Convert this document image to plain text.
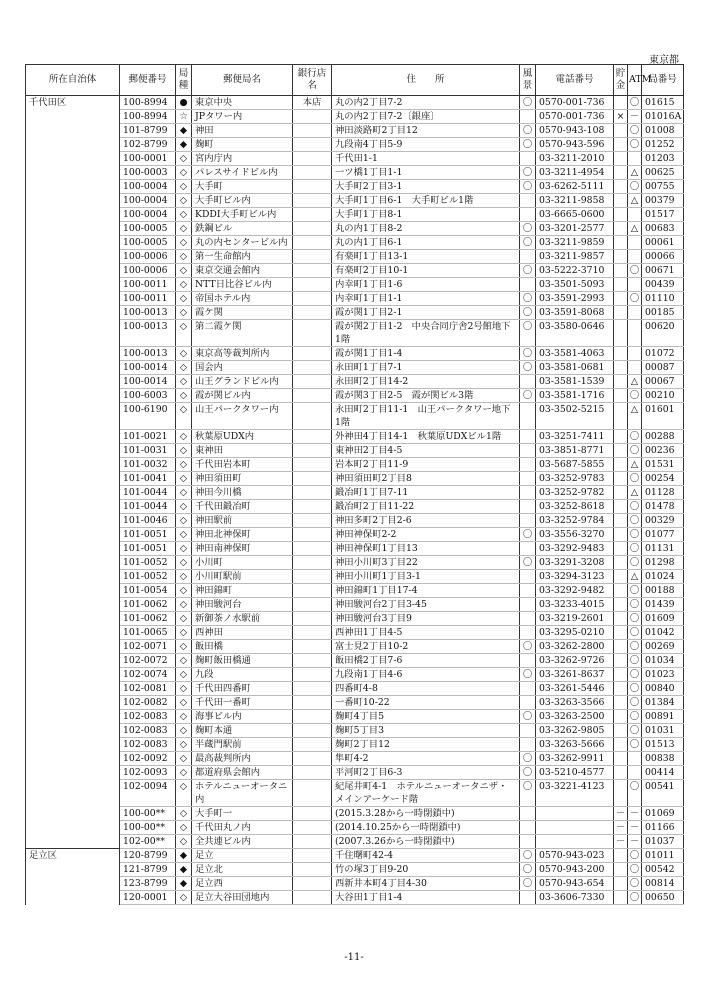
東京都
所在自治体	郵便番号	局種	郵便局名	銀行店名	住　　所	風景	電話番号	貯金	ATM	局番号
千代田区	100-8994	●	東京中央	本店	丸の内2丁目7-2	〇	0570-001-736		〇	01615
	100-8994	☆	JPタワー内		丸の内2丁目7-2〔銀座〕		0570-001-736	×	－	01016A
	101-8799	◆	神田		神田淡路町2丁目12	〇	0570-943-108		〇	01008
	102-8799	◆	麹町		九段南4丁目5-9	〇	0570-943-596		〇	01252
	100-0001	◇	宮内庁内		千代田1-1		03-3211-2010			01203
	100-0003	◇	パレスサイドビル内		一ツ橋1丁目1-1	〇	03-3211-4954		△	00625
	100-0004	◇	大手町		大手町2丁目3-1	〇	03-6262-5111		〇	00755
	100-0004	◇	大手町ビル内		大手町1丁目6-1　大手町ビル1階		03-3211-9858		△	00379
	100-0004	◇	KDDI大手町ビル内		大手町1丁目8-1		03-6665-0600			01517
	100-0005	◇	鉄鋼ビル		丸の内1丁目8-2	〇	03-3201-2577		△	00683
	100-0005	◇	丸の内センタービル内		丸の内1丁目6-1	〇	03-3211-9859			00061
	100-0006	◇	第一生命館内		有楽町1丁目13-1		03-3211-9857			00066
	100-0006	◇	東京交通会館内		有楽町2丁目10-1	〇	03-5222-3710		〇	00671
	100-0011	◇	NTT日比谷ビル内		内幸町1丁目1-6		03-3501-5093			00439
	100-0011	◇	帝国ホテル内		内幸町1丁目1-1	〇	03-3591-2993		〇	01110
	100-0013	◇	霞ケ関		霞が関1丁目2-1	〇	03-3591-8068			00185
	100-0013	◇	第二霞ケ関		霞が関2丁目1-2　中央合同庁舎2号館地下1階	〇	03-3580-0646			00620
	100-0013	◇	東京高等裁判所内		霞が関1丁目1-4	〇	03-3581-4063			01072
	100-0014	◇	国会内		永田町1丁目7-1	〇	03-3581-0681			00087
	100-0014	◇	山王グランドビル内		永田町2丁目14-2		03-3581-1539		△	00067
	100-6003	◇	霞が関ビル内		霞が関3丁目2-5　霞が関ビル3階	〇	03-3581-1716		〇	00210
	100-6190	◇	山王パークタワー内		永田町2丁目11-1　山王パークタワー地下1階		03-3502-5215		△	01601
	101-0021	◇	秋葉原UDX内		外神田4丁目14-1　秋葉原UDXビル1階		03-3251-7411		〇	00288
	101-0031	◇	東神田		東神田2丁目4-5		03-3851-8771		〇	00236
	101-0032	◇	千代田岩本町		岩本町2丁目11-9		03-5687-5855		△	01531
	101-0041	◇	神田須田町		神田須田町2丁目8		03-3252-9783		〇	00254
	101-0044	◇	神田今川橋		鍛冶町1丁目7-11		03-3252-9782		△	01128
	101-0044	◇	千代田鍛冶町		鍛冶町2丁目11-22		03-3252-8618		〇	01478
	101-0046	◇	神田駅前		神田多町2丁目2-6		03-3252-9784		〇	00329
	101-0051	◇	神田北神保町		神田神保町2-2	〇	03-3556-3270		〇	01077
	101-0051	◇	神田南神保町		神田神保町1丁目13		03-3292-9483		〇	01131
	101-0052	◇	小川町		神田小川町3丁目22	〇	03-3291-3208		〇	01298
	101-0052	◇	小川町駅前		神田小川町1丁目3-1		03-3294-3123		△	01024
	101-0054	◇	神田錦町		神田錦町1丁目17-4		03-3292-9482		〇	00188
	101-0062	◇	神田駿河台		神田駿河台2丁目3-45		03-3233-4015		〇	01439
	101-0062	◇	新御茶ノ水駅前		神田駿河台3丁目9		03-3219-2601		〇	01609
	101-0065	◇	西神田		西神田1丁目4-5		03-3295-0210		〇	01042
	102-0071	◇	飯田橋		富士見2丁目10-2	〇	03-3262-2800		〇	00269
	102-0072	◇	麹町飯田橋通		飯田橋2丁目7-6		03-3262-9726		〇	01034
	102-0074	◇	九段		九段南1丁目4-6	〇	03-3261-8637		〇	01023
	102-0081	◇	千代田四番町		四番町4-8		03-3261-5446		〇	00840
	102-0082	◇	千代田一番町		一番町10-22		03-3263-3566		〇	01384
	102-0083	◇	海事ビル内		麹町4丁目5	〇	03-3263-2500		〇	00891
	102-0083	◇	麹町本通		麹町5丁目3		03-3262-9805		〇	01031
	102-0083	◇	半蔵門駅前		麹町2丁目12		03-3263-5666		〇	01513
	102-0092	◇	最高裁判所内		隼町4-2	〇	03-3262-9911			00838
	102-0093	◇	都道府県会館内		平河町2丁目6-3	〇	03-5210-4577			00414
	102-0094	◇	ホテルニューオータニ内		紀尾井町4-1　ホテルニューオータニザ・メインアーケード階	〇	03-3221-4123		〇	00541
	100-00**	◇	大手町一		(2015.3.28から一時閉鎖中)			－	－	01069
	100-00**	◇	千代田丸ノ内		(2014.10.25から一時閉鎖中)			－	－	01166
	102-00**	◇	全共連ビル内		(2007.3.26から一時閉鎖中)			－	－	01037
足立区	120-8799	◆	足立		千住曙町42-4	〇	0570-943-023		〇	01011
	121-8799	◆	足立北		竹の塚3丁目9-20	〇	0570-943-200		〇	00542
	123-8799	◆	足立西		西新井本町4丁目4-30	〇	0570-943-654		〇	00814
	120-0001	◇	足立大谷田団地内		大谷田1丁目1-4		03-3606-7330		〇	00650
-11-
